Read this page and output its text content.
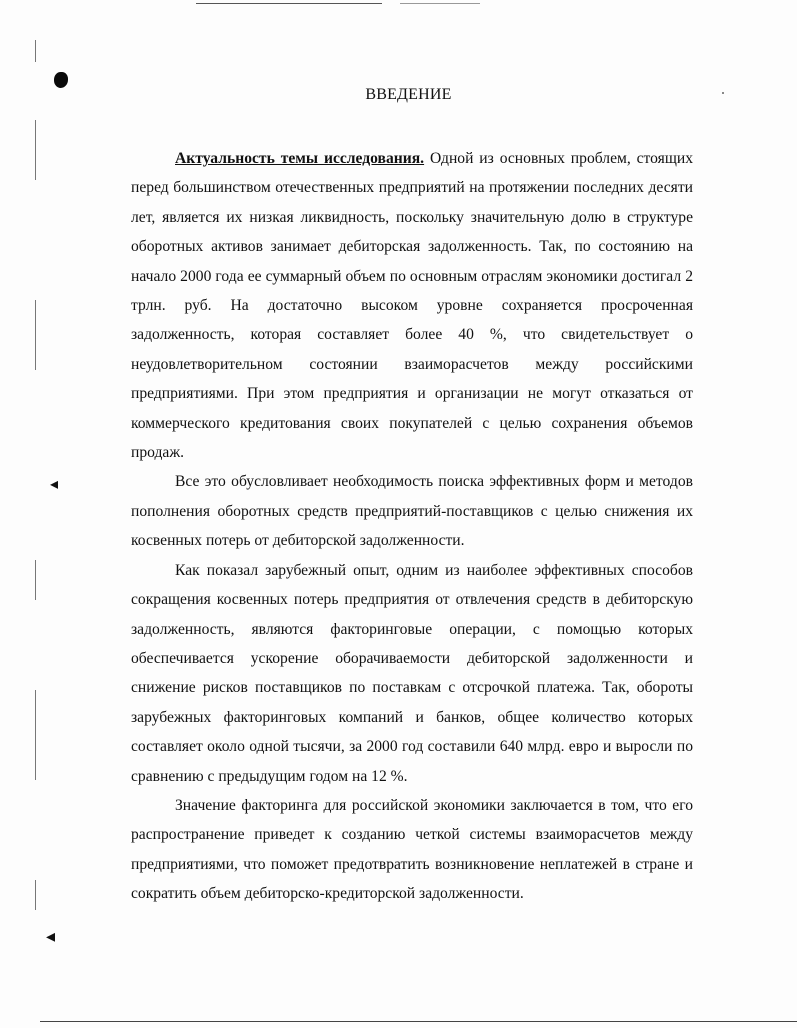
◂
◂
ВВЕДЕНИЕ

Актуальность темы исследования. Одной из основных проблем, стоящих перед большинством отечественных предприятий на протяжении последних десяти лет, является их низкая ликвидность, поскольку значительную долю в структуре оборотных активов занимает дебиторская задолженность. Так, по состоянию на начало 2000 года ее суммарный объем по основным отраслям экономики достигал 2 трлн. руб. На достаточно высоком уровне сохраняется просроченная задолженность, которая составляет более 40 %, что свидетельствует о неудовлетворительном состоянии взаиморасчетов между российскими предприятиями. При этом предприятия и организации не могут отказаться от коммерческого кредитования своих покупателей с целью сохранения объемов продаж.

Все это обусловливает необходимость поиска эффективных форм и методов пополнения оборотных средств предприятий-поставщиков с целью снижения их косвенных потерь от дебиторской задолженности.

Как показал зарубежный опыт, одним из наиболее эффективных способов сокращения косвенных потерь предприятия от отвлечения средств в дебиторскую задолженность, являются факторинговые операции, с помощью которых обеспечивается ускорение оборачиваемости дебиторской задолженности и снижение рисков поставщиков по поставкам с отсрочкой платежа. Так, обороты зарубежных факторинговых компаний и банков, общее количество которых составляет около одной тысячи, за 2000 год составили 640 млрд. евро и выросли по сравнению с предыдущим годом на 12 %.

Значение факторинга для российской экономики заключается в том, что его распространение приведет к созданию четкой системы взаиморасчетов между предприятиями, что поможет предотвратить возникновение неплатежей в стране и сократить объем дебиторско-кредиторской задолженности.
